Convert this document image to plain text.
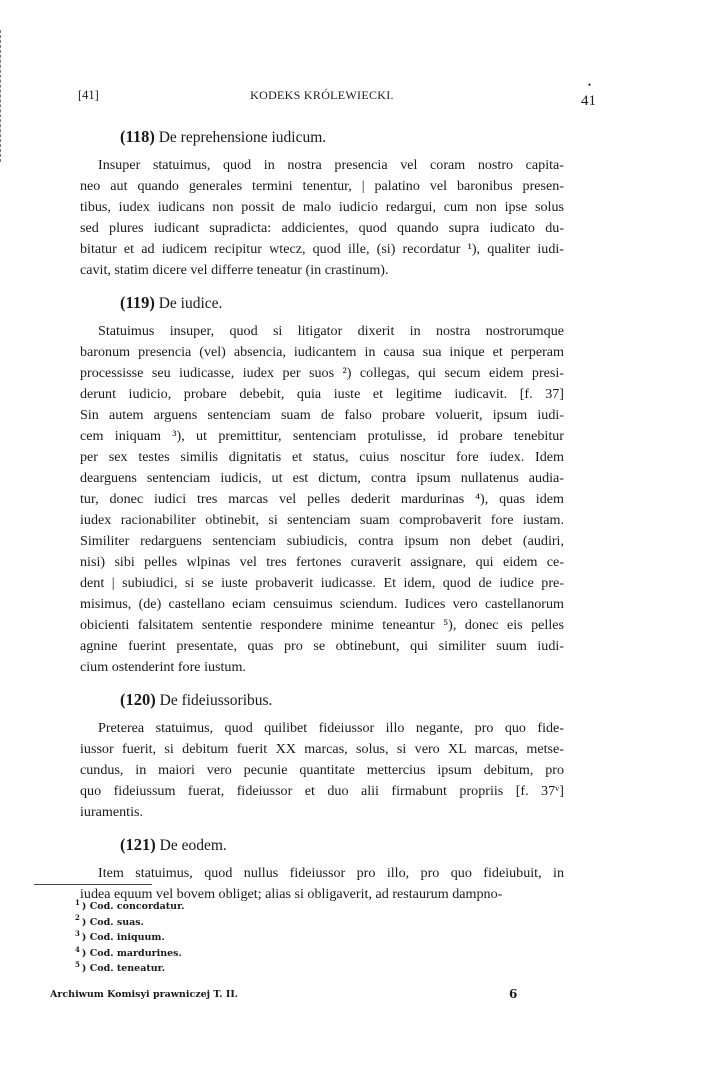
[41]	KODEKS KRÓLEWIECKI.
•
41
(118) De reprehensione iudicum.
Insuper statuimus, quod in nostra presencia vel coram nostro capita-
neo aut quando generales termini tenentur, | palatino vel baronibus presen-
tibus, iudex iudicans non possit de malo iudicio redargui, cum non ipse solus
sed plures iudicant supradicta: addicientes, quod quando supra iudicato du-
bitatur et ad iudicem recipitur wtecz, quod ille, (si) recordatur ¹), qualiter iudi-
cavit, statim dicere vel differre teneatur (in crastinum).
(119) De iudice.
Statuimus insuper, quod si litigator dixerit in nostra nostrorumque
baronum presencia (vel) absencia, iudicantem in causa sua inique et perperam
processisse seu iudicasse, iudex per suos ²) collegas, qui secum eidem presi-
derunt iudicio, probare debebit, quia iuste et legitime iudicavit. [f. 37]
Sin autem arguens sentenciam suam de falso probare voluerit, ipsum iudi-
cem iniquam ³), ut premittitur, sentenciam protulisse, id probare tenebitur
per sex testes similis dignitatis et status, cuius noscitur fore iudex. Idem
dearguens sentenciam iudicis, ut est dictum, contra ipsum nullatenus audia-
tur, donec iudici tres marcas vel pelles dederit mardurinas ⁴), quas idem
iudex racionabiliter obtinebit, si sentenciam suam comprobaverit fore iustam.
Similiter redarguens sentenciam subiudicis, contra ipsum non debet (audiri,
nisi) sibi pelles wlpinas vel tres fertones curaverit assignare, qui eidem ce-
dent | subiudici, si se iuste probaverit iudicasse. Et idem, quod de iudice pre-
misimus, (de) castellano eciam censuimus sciendum. Iudices vero castellanorum
obicienti falsitatem sententie respondere minime teneantur ⁵), donec eis pelles
agnine fuerint presentate, quas pro se obtinebunt, qui similiter suum iudi-
cium ostenderint fore iustum.
(120) De fideiussoribus.
Preterea statuimus, quod quilibet fideiussor illo negante, pro quo fide-
iussor fuerit, si debitum fuerit XX marcas, solus, si vero XL marcas, metse-
cundus, in maiori vero pecunie quantitate mettercius ipsum debitum, pro
quo fideiussum fuerat, fideiussor et duo alii firmabunt propriis [f. 37ᵛ]
iuramentis.
(121) De eodem.
Item statuimus, quod nullus fideiussor pro illo, pro quo fideiubuit, in
iudea equum vel bovem obliget; alias si obligaverit, ad restaurum dampno-
$^1$ ) Cod. concordatur.
$^2$ ) Cod. suas.
$^3$ ) Cod. iniquum.
$^4$ ) Cod. mardurines.
$^5$ ) Cod. teneatur.
Archiwum Komisyi prawniczej T. II.	6
